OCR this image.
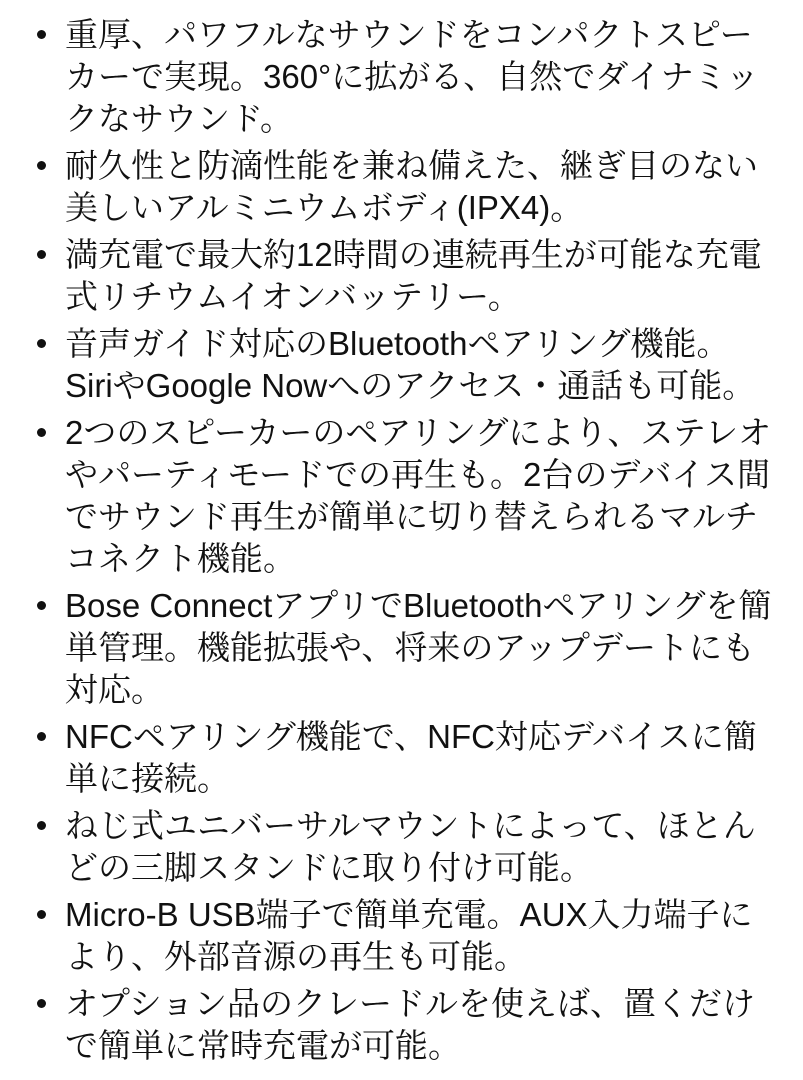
重厚、パワフルなサウンドをコンパクトスピーカーで実現。360°に拡がる、自然でダイナミックなサウンド。
耐久性と防滴性能を兼ね備えた、継ぎ目のない美しいアルミニウムボディ(IPX4)。
満充電で最大約12時間の連続再生が可能な充電式リチウムイオンバッテリー。
音声ガイド対応のBluetoothペアリング機能。SiriやGoogle Nowへのアクセス・通話も可能。
2つのスピーカーのペアリングにより、ステレオやパーティモードでの再生も。2台のデバイス間でサウンド再生が簡単に切り替えられるマルチコネクト機能。
Bose ConnectアプリでBluetoothペアリングを簡単管理。機能拡張や、将来のアップデートにも対応。
NFCペアリング機能で、NFC対応デバイスに簡単に接続。
ねじ式ユニバーサルマウントによって、ほとんどの三脚スタンドに取り付け可能。
Micro-B USB端子で簡単充電。AUX入力端子により、外部音源の再生も可能。
オプション品のクレードルを使えば、置くだけで簡単に常時充電が可能。
